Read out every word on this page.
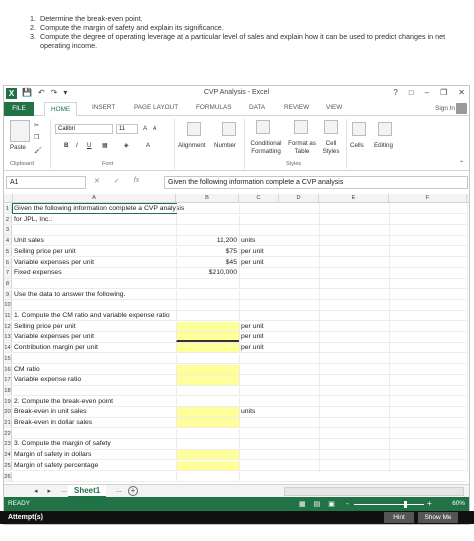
1. Determine the break-even point.
2. Compute the margin of safety and explain its significance.
3. Compute the degree of operating leverage at a particular level of sales and explain how it can be used to predict changes in net operating income.
X 💾 ↶ ↷ ▾	CVP Analysis - Excel	? □ – ❐ ✕
FILE	HOME	INSERT	PAGE LAYOUT	FORMULAS	DATA	REVIEW	VIEW	Sign In
Paste
✂
❐
🖌
Clipboard
Calibri	11	A A
B I U ▦	◈	A
Font
Alignment Number	Conditional Formatting
Format as Table
Cell Styles
Styles
Cells Editing
⌃
A1	✕ ✓ fx	Given the following information complete a CVP analysis
A	B	C	D	E	F
1 Given the following information complete a CVP analysis
2 for JPL, Inc.:
3
4 Unit sales	11,200 units
5 Selling price per unit	$75 per unit
6 Variable expenses per unit	$45 per unit
7 Fixed expenses	$210,000
8
9 Use the data to answer the following.
10
11 1. Compute the CM ratio and variable expense ratio
12 Selling price per unit	per unit
13 Variable expenses per unit	per unit
14 Contribution margin per unit	per unit
15
16 CM ratio
17 Variable expense ratio
18
19 2. Compute the break-even point
20 Break-even in unit sales	units
21 Break-even in dollar sales
22
23 3. Compute the margin of safety
24 Margin of safety in dollars
25 Margin of safety percentage
26
◂ ▸ ... Sheet1	...	+
READY	▦ ▤ ▣ -	+	60%
Attempt(s)	Hint	Show Me
